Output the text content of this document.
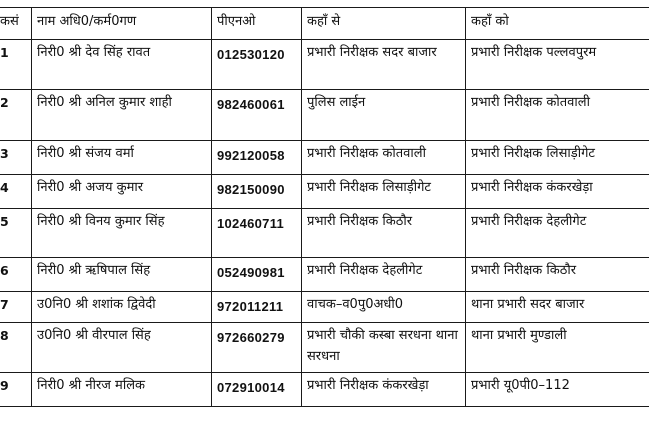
कसं	नाम अधि0/कर्म0गण	पीएनओ	कहाँ से	कहाँ को
1	निरी0 श्री देव सिंह रावत	012530120	प्रभारी निरीक्षक सदर बाजार	प्रभारी निरीक्षक पल्लवपुरम
2	निरी0 श्री अनिल कुमार शाही	982460061	पुलिस लाईन	प्रभारी निरीक्षक कोतवाली
3	निरी0 श्री संजय वर्मा	992120058	प्रभारी निरीक्षक कोतवाली	प्रभारी निरीक्षक लिसाड़ीगेट
4	निरी0 श्री अजय कुमार	982150090	प्रभारी निरीक्षक लिसाड़ीगेट	प्रभारी निरीक्षक कंकरखेड़ा
5	निरी0 श्री विनय कुमार सिंह	102460711	प्रभारी निरीक्षक किठौर	प्रभारी निरीक्षक देहलीगेट
6	निरी0 श्री ऋषिपाल सिंह	052490981	प्रभारी निरीक्षक देहलीगेट	प्रभारी निरीक्षक किठौर
7	उ0नि0 श्री शशांक द्विवेदी	972011211	वाचक–व0पु0अधी0	थाना प्रभारी सदर बाजार
8	उ0नि0 श्री वीरपाल सिंह	972660279	प्रभारी चौकी कस्बा सरधना थाना सरधना	थाना प्रभारी मुण्डाली
9	निरी0 श्री नीरज मलिक	072910014	प्रभारी निरीक्षक कंकरखेड़ा	प्रभारी यू0पी0–112
